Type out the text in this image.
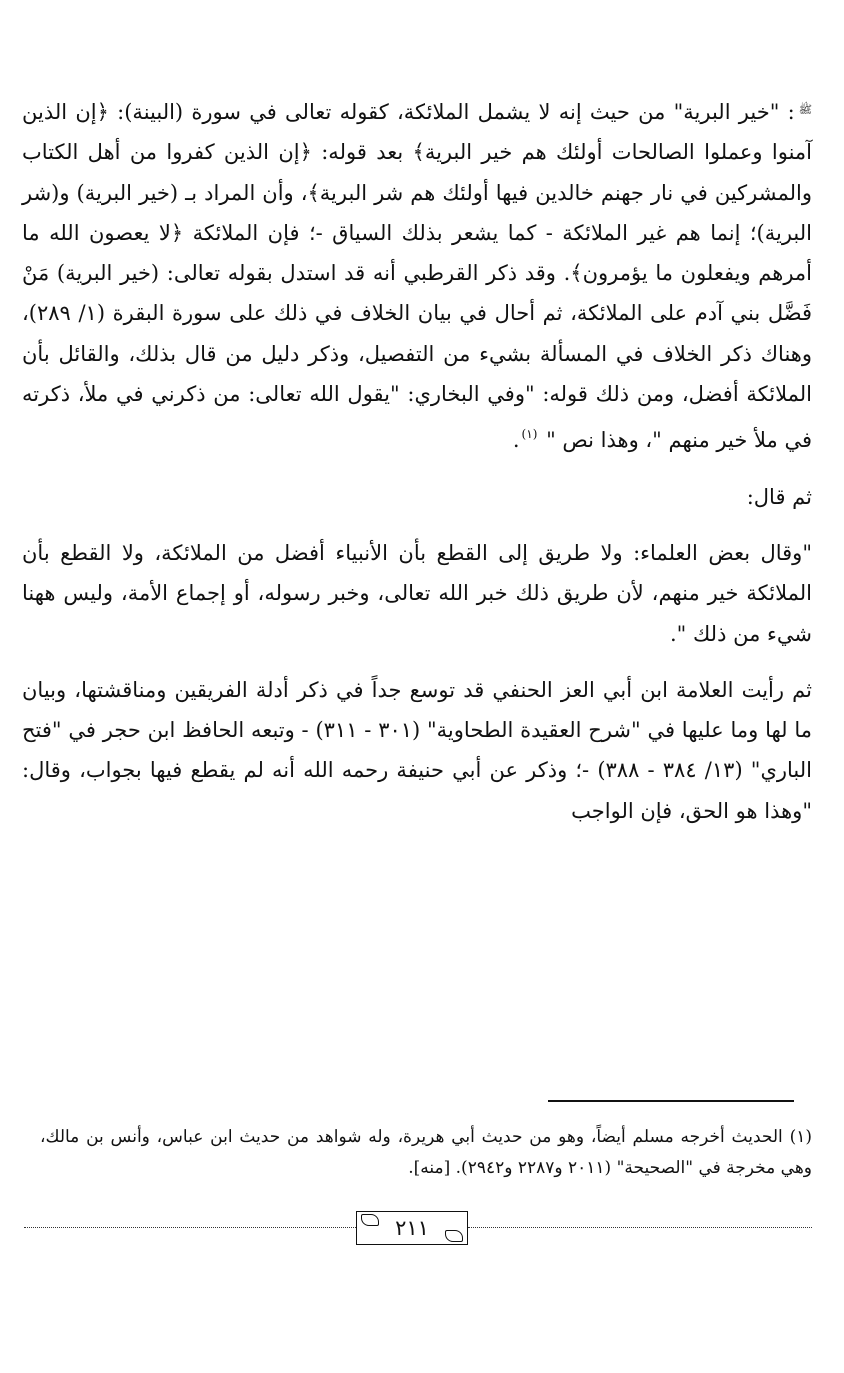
ﷺ: "خير البرية" من حيث إنه لا يشمل الملائكة، كقوله تعالى في سورة (البينة): ﴿إن الذين آمنوا وعملوا الصالحات أولئك هم خير البرية﴾ بعد قوله: ﴿إن الذين كفروا من أهل الكتاب والمشركين في نار جهنم خالدين فيها أولئك هم شر البرية﴾، وأن المراد بـ (خير البرية) و(شر البرية)؛ إنما هم غير الملائكة - كما يشعر بذلك السياق -؛ فإن الملائكة ﴿لا يعصون الله ما أمرهم ويفعلون ما يؤمرون﴾. وقد ذكر القرطبي أنه قد استدل بقوله تعالى: (خير البرية) مَنْ فَضَّل بني آدم على الملائكة، ثم أحال في بيان الخلاف في ذلك على سورة البقرة (١/ ٢٨٩)، وهناك ذكر الخلاف في المسألة بشيء من التفصيل، وذكر دليل من قال بذلك، والقائل بأن الملائكة أفضل، ومن ذلك قوله: "وفي البخاري: "يقول الله تعالى: من ذكرني في ملأ، ذكرته في ملأ خير منهم "، وهذا نص " (١).

ثم قال:

"وقال بعض العلماء: ولا طريق إلى القطع بأن الأنبياء أفضل من الملائكة، ولا القطع بأن الملائكة خير منهم، لأن طريق ذلك خبر الله تعالى، وخبر رسوله، أو إجماع الأمة، وليس ههنا شيء من ذلك ".

ثم رأيت العلامة ابن أبي العز الحنفي قد توسع جداً في ذكر أدلة الفريقين ومناقشتها، وبيان ما لها وما عليها في "شرح العقيدة الطحاوية" (٣٠١ - ٣١١) - وتبعه الحافظ ابن حجر في "فتح الباري" (١٣/ ٣٨٤ - ٣٨٨) -؛ وذكر عن أبي حنيفة رحمه الله أنه لم يقطع فيها بجواب، وقال: "وهذا هو الحق، فإن الواجب

(١) الحديث أخرجه مسلم أيضاً، وهو من حديث أبي هريرة، وله شواهد من حديث ابن عباس، وأنس بن مالك، وهي مخرجة في "الصحيحة" (٢٠١١ و٢٢٨٧ و٢٩٤٢). [منه].

٢١١
